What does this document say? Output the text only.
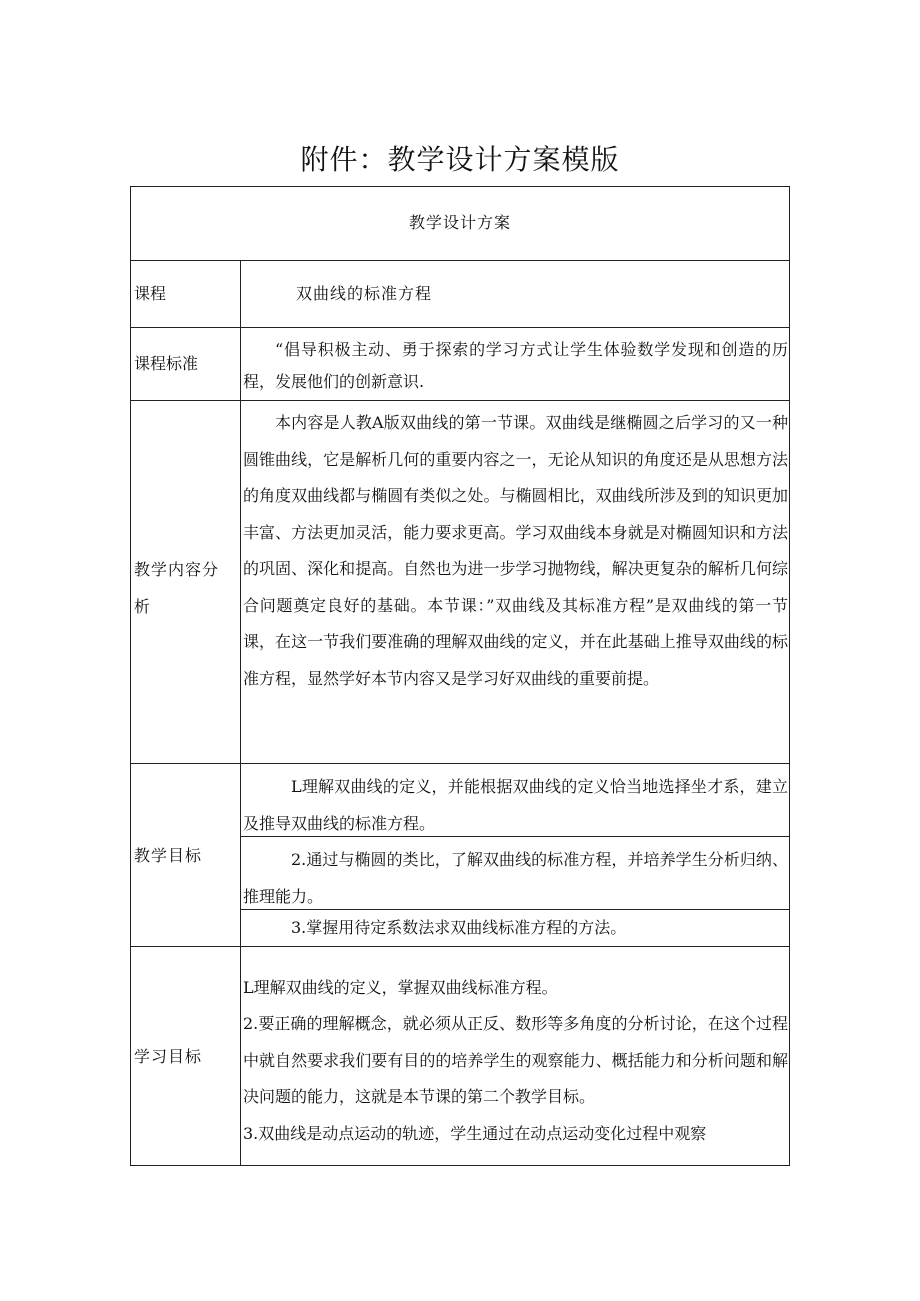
附件：教学设计方案模版
教学设计方案
课程	双曲线的标准方程
课程标准
“倡导积极主动、勇于探索的学习方式让学生体验数学发现和创造的历程，发展他们的创新意识.
教学内容分析
本内容是人教A版双曲线的第一节课。双曲线是继椭圆之后学习的又一种圆锥曲线，它是解析几何的重要内容之一，无论从知识的角度还是从思想方法的角度双曲线都与椭圆有类似之处。与椭圆相比，双曲线所涉及到的知识更加丰富、方法更加灵活，能力要求更高。学习双曲线本身就是对椭圆知识和方法的巩固、深化和提高。自然也为进一步学习抛物线，解决更复杂的解析几何综合问题奠定良好的基础。本节课：”双曲线及其标准方程”是双曲线的第一节课，在这一节我们要准确的理解双曲线的定义，并在此基础上推导双曲线的标准方程，显然学好本节内容又是学习好双曲线的重要前提。
教学目标
L理解双曲线的定义，并能根据双曲线的定义恰当地选择坐才系，建立及推导双曲线的标准方程。
2.通过与椭圆的类比，了解双曲线的标准方程，并培养学生分析归纳、推理能力。
3.掌握用待定系数法求双曲线标准方程的方法。
学习目标
L理解双曲线的定义，掌握双曲线标准方程。
2.要正确的理解概念，就必须从正反、数形等多角度的分析讨论，在这个过程中就自然要求我们要有目的的培养学生的观察能力、概括能力和分析问题和解决问题的能力，这就是本节课的第二个教学目标。
3.双曲线是动点运动的轨迹，学生通过在动点运动变化过程中观察
